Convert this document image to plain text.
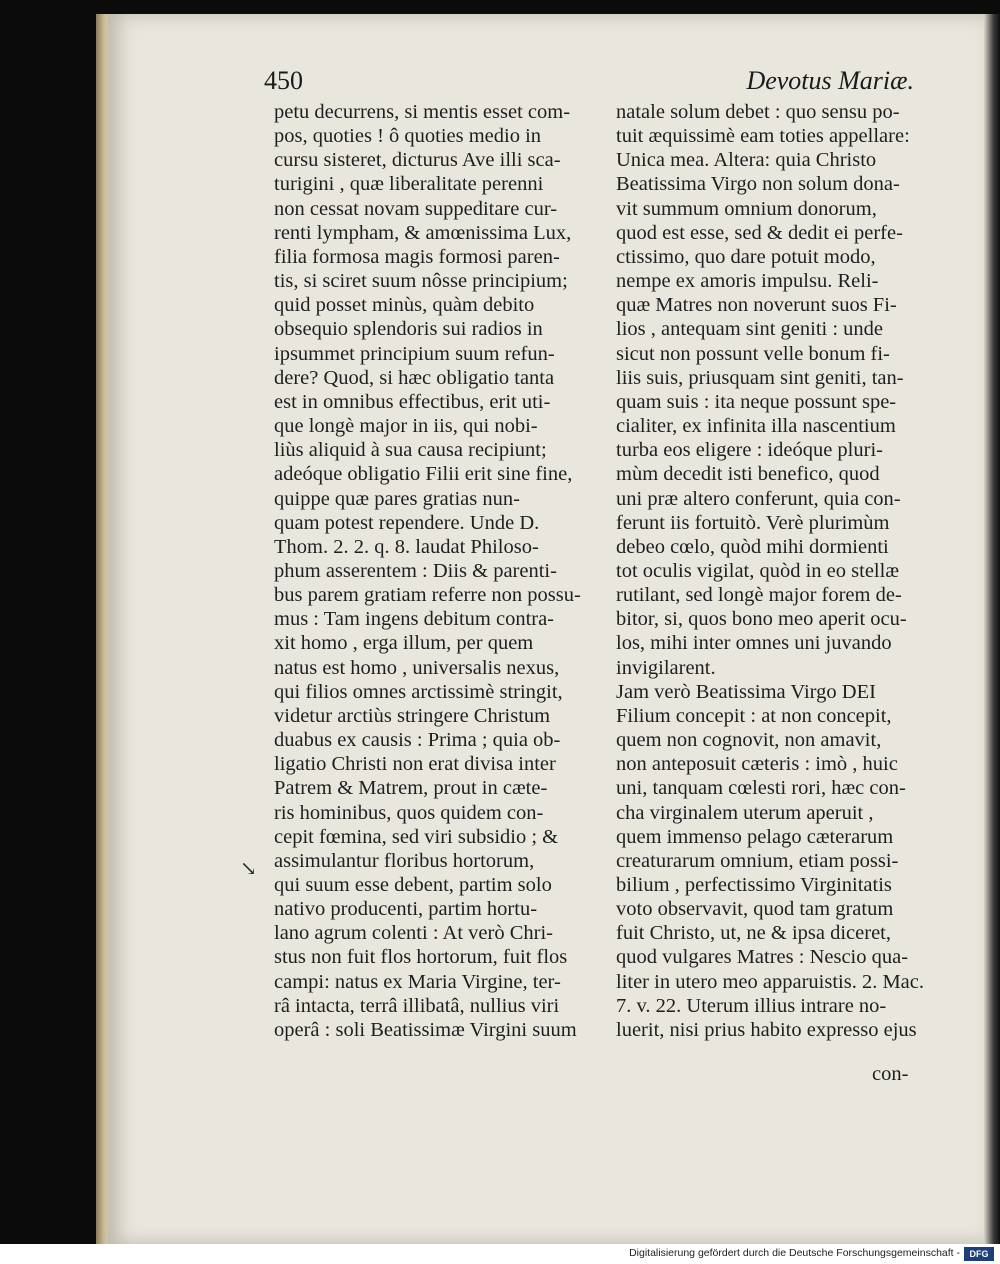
450	Devotus Mariæ.
↘
petu decurrens, si mentis esset com-
pos, quoties ! ô quoties medio in
cursu sisteret, dicturus Ave illi sca-
turigini , quæ liberalitate perenni
non cessat novam suppeditare cur-
renti lympham, & amœnissima Lux,
filia formosa magis formosi paren-
tis, si sciret suum nôsse principium;
quid posset minùs, quàm debito
obsequio splendoris sui radios in
ipsummet principium suum refun-
dere? Quod, si hæc obligatio tanta
est in omnibus effectibus, erit uti-
que longè major in iis, qui nobi-
liùs aliquid à sua causa recipiunt;
adeóque obligatio Filii erit sine fine,
quippe quæ pares gratias nun-
quam potest rependere. Unde D.
Thom. 2. 2. q. 8. laudat Philoso-
phum asserentem : Diis & parenti-
bus parem gratiam referre non possu-
mus : Tam ingens debitum contra-
xit homo , erga illum, per quem
natus est homo , universalis nexus,
qui filios omnes arctissimè stringit,
videtur arctiùs stringere Christum
duabus ex causis : Prima ; quia ob-
ligatio Christi non erat divisa inter
Patrem & Matrem, prout in cæte-
ris hominibus, quos quidem con-
cepit fœmina, sed viri subsidio ; &
assimulantur floribus hortorum,
qui suum esse debent, partim solo
nativo producenti, partim hortu-
lano agrum colenti : At verò Chri-
stus non fuit flos hortorum, fuit flos
campi: natus ex Maria Virgine, ter-
râ intacta, terrâ illibatâ, nullius viri
operâ : soli Beatissimæ Virgini suum
natale solum debet : quo sensu po-
tuit æquissimè eam toties appellare:
Unica mea. Altera: quia Christo
Beatissima Virgo non solum dona-
vit summum omnium donorum,
quod est esse, sed & dedit ei perfe-
ctissimo, quo dare potuit modo,
nempe ex amoris impulsu. Reli-
quæ Matres non noverunt suos Fi-
lios , antequam sint geniti : unde
sicut non possunt velle bonum fi-
liis suis, priusquam sint geniti, tan-
quam suis : ita neque possunt spe-
cialiter, ex infinita illa nascentium
turba eos eligere : ideóque pluri-
mùm decedit isti benefico, quod
uni præ altero conferunt, quia con-
ferunt iis fortuitò. Verè plurimùm
debeo cœlo, quòd mihi dormienti
tot oculis vigilat, quòd in eo stellæ
rutilant, sed longè major forem de-
bitor, si, quos bono meo aperit ocu-
los, mihi inter omnes uni juvando
invigilarent.
Jam verò Beatissima Virgo DEI
Filium concepit : at non concepit,
quem non cognovit, non amavit,
non anteposuit cæteris : imò , huic
uni, tanquam cœlesti rori, hæc con-
cha virginalem uterum aperuit ,
quem immenso pelago cæterarum
creaturarum omnium, etiam possi-
bilium , perfectissimo Virginitatis
voto observavit, quod tam gratum
fuit Christo, ut, ne & ipsa diceret,
quod vulgares Matres : Nescio qua-
liter in utero meo apparuistis. 2. Mac.
7. v. 22. Uterum illius intrare no-
luerit, nisi prius habito expresso ejus
con-
Digitalisierung gefördert durch die Deutsche Forschungsgemeinschaft -	DFG
